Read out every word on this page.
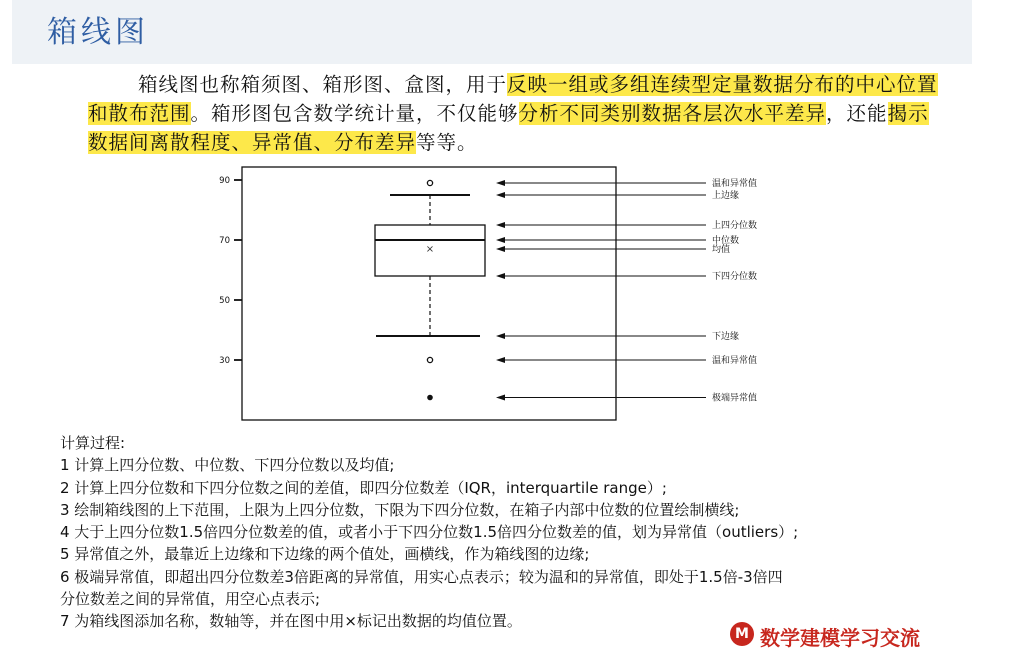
箱线图
箱线图也称箱须图、箱形图、盒图，用于反映一组或多组连续型定量数据分布的中心位置和散布范围。箱形图包含数学统计量，不仅能够分析不同类别数据各层次水平差异，还能揭示数据间离散程度、异常值、分布差异等等。
30
50
70
90
×
温和异常值
上边缘
上四分位数
中位数
均值
下四分位数
下边缘
温和异常值
极端异常值
计算过程:
1 计算上四分位数、中位数、下四分位数以及均值;
2 计算上四分位数和下四分位数之间的差值，即四分位数差（IQR，interquartile range）;
3 绘制箱线图的上下范围，上限为上四分位数，下限为下四分位数，在箱子内部中位数的位置绘制横线;
4 大于上四分位数1.5倍四分位数差的值，或者小于下四分位数1.5倍四分位数差的值，划为异常值（outliers）;
5 异常值之外，最靠近上边缘和下边缘的两个值处，画横线，作为箱线图的边缘;
6 极端异常值，即超出四分位数差3倍距离的异常值，用实心点表示；较为温和的异常值，即处于1.5倍-3倍四
分位数差之间的异常值，用空心点表示;
7 为箱线图添加名称，数轴等，并在图中用×标记出数据的均值位置。
M 数学建模学习交流
